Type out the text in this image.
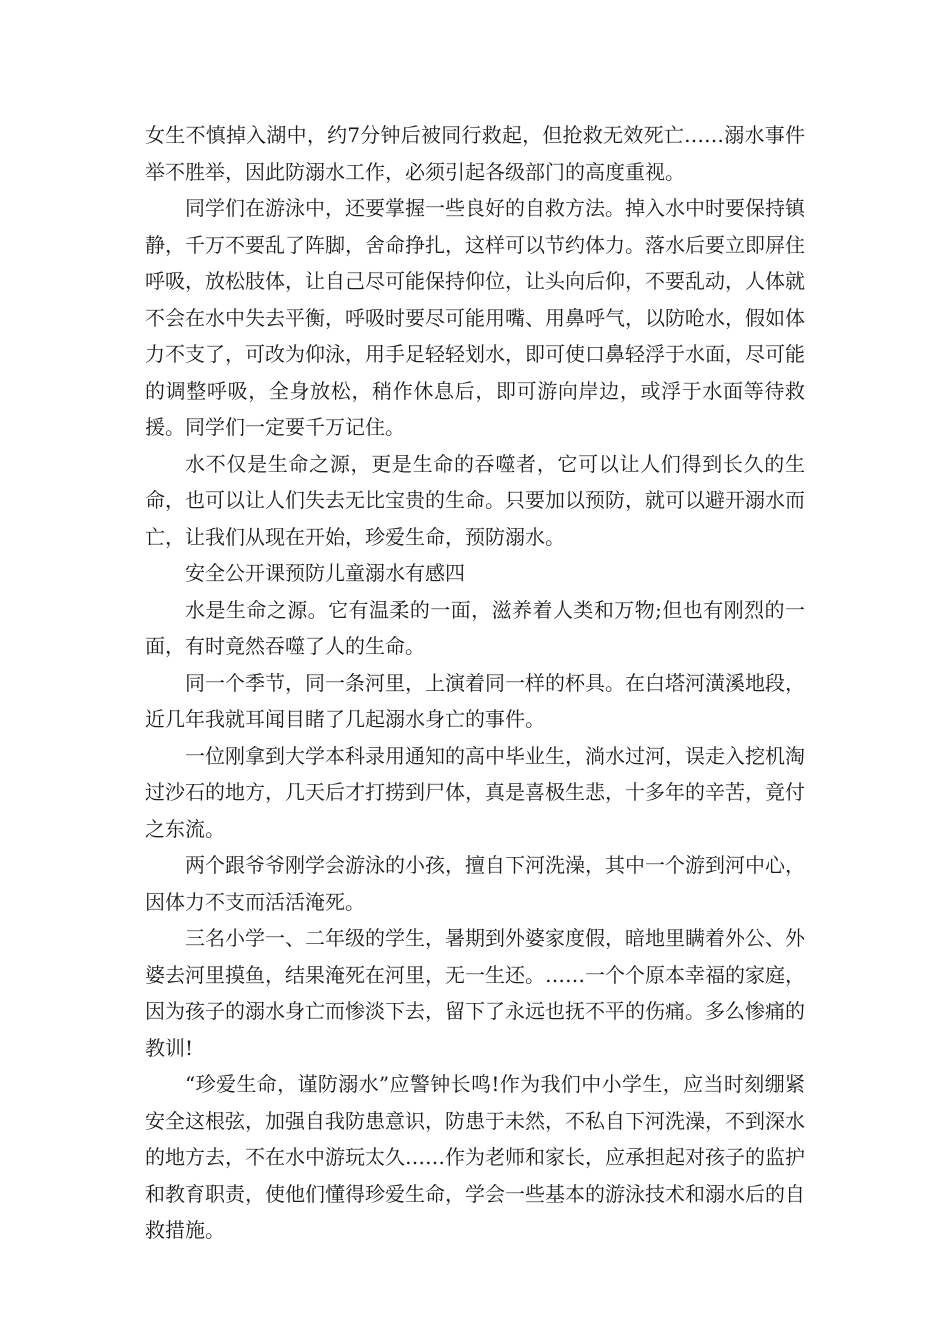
女生不慎掉入湖中，约7分钟后被同行救起，但抢救无效死亡……溺水事件举不胜举，因此防溺水工作，必须引起各级部门的高度重视。

同学们在游泳中，还要掌握一些良好的自救方法。掉入水中时要保持镇静，千万不要乱了阵脚，舍命挣扎，这样可以节约体力。落水后要立即屏住呼吸，放松肢体，让自己尽可能保持仰位，让头向后仰，不要乱动，人体就不会在水中失去平衡，呼吸时要尽可能用嘴、用鼻呼气，以防呛水，假如体力不支了，可改为仰泳，用手足轻轻划水，即可使口鼻轻浮于水面，尽可能的调整呼吸，全身放松，稍作休息后，即可游向岸边，或浮于水面等待救援。同学们一定要千万记住。

水不仅是生命之源，更是生命的吞噬者，它可以让人们得到长久的生命，也可以让人们失去无比宝贵的生命。只要加以预防，就可以避开溺水而亡，让我们从现在开始，珍爱生命，预防溺水。

安全公开课预防儿童溺水有感四

水是生命之源。它有温柔的一面，滋养着人类和万物;但也有刚烈的一面，有时竟然吞噬了人的生命。

同一个季节，同一条河里，上演着同一样的杯具。在白塔河潢溪地段，近几年我就耳闻目睹了几起溺水身亡的事件。

一位刚拿到大学本科录用通知的高中毕业生，淌水过河，误走入挖机淘过沙石的地方，几天后才打捞到尸体，真是喜极生悲，十多年的辛苦，竟付之东流。

两个跟爷爷刚学会游泳的小孩，擅自下河洗澡，其中一个游到河中心，因体力不支而活活淹死。

三名小学一、二年级的学生，暑期到外婆家度假，暗地里瞒着外公、外婆去河里摸鱼，结果淹死在河里，无一生还。……一个个原本幸福的家庭，因为孩子的溺水身亡而惨淡下去，留下了永远也抚不平的伤痛。多么惨痛的教训!

“珍爱生命，谨防溺水”应警钟长鸣!作为我们中小学生，应当时刻绷紧安全这根弦，加强自我防患意识，防患于未然，不私自下河洗澡，不到深水的地方去，不在水中游玩太久……作为老师和家长，应承担起对孩子的监护和教育职责，使他们懂得珍爱生命，学会一些基本的游泳技术和溺水后的自救措施。
